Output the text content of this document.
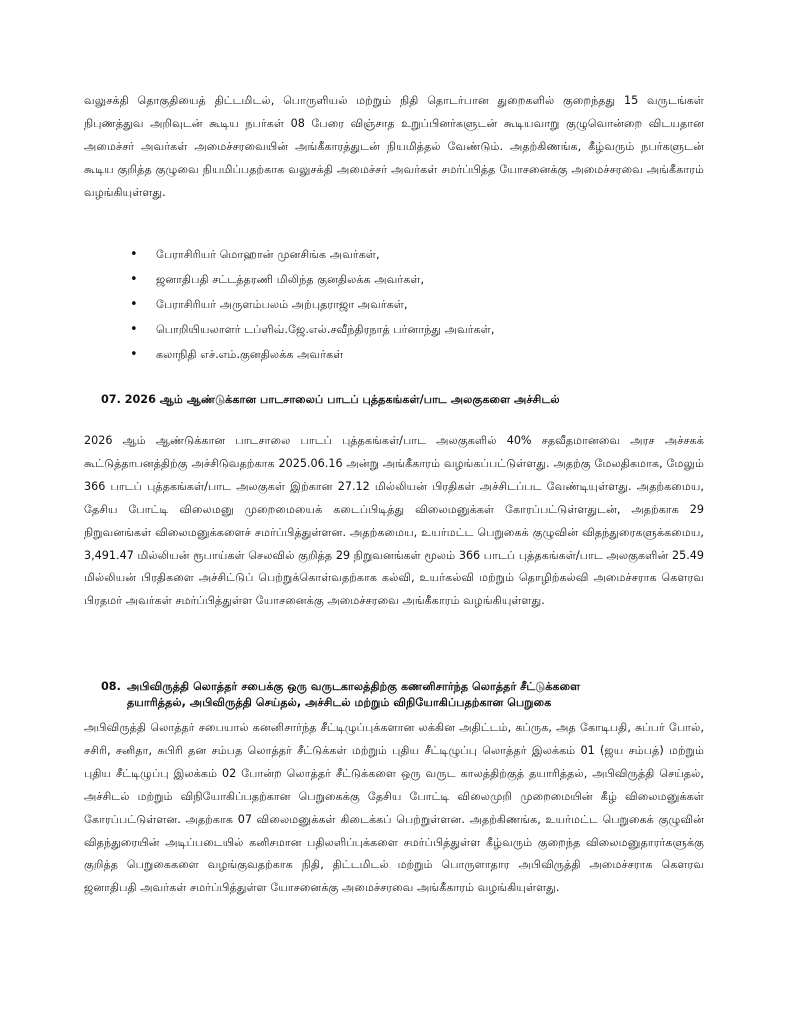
வலுசக்தி தொகுதியைத் திட்டமிடல், பொருளியல் மற்றும் நிதி தொடர்பான துறைகளில் குறைந்தது 15 வருடங்கள் நிபுணத்துவ அறிவுடன் கூடிய நபர்கள் 08 பேரை விஞ்சாத உறுப்பினர்களுடன் கூடியவாறு குழுவொன்றை விடயதான அமைச்சர் அவர்கள் அமைச்சரவையின் அங்கீகாரத்துடன் நியமித்தல் வேண்டும். அதற்கிணங்க, கீழ்வரும் நபர்களுடன் கூடிய குறித்த குழுவை நியமிப்பதற்காக வலுசக்தி அமைச்சர் அவர்கள் சமர்ப்பித்த யோசனைக்கு அமைச்சரவை அங்கீகாரம் வழங்கியுள்ளது.

• பேராசிரியர் மொஹான் முனசிங்க அவர்கள்,
• ஜனாதிபதி சட்டத்தரணி மிலிந்த குனதிலக்க அவர்கள்,
• பேராசிரியர் அருளம்பலம் அற்புதராஜா அவர்கள்,
• பொறியியலாளர் டப்ளிவ்.ஜே.எல்.சவீந்திரநாத் பர்னாந்து அவர்கள்,
• கலாநிதி எச்.எம்.குனதிலக்க அவர்கள்
07. 2026 ஆம் ஆண்டுக்கான பாடசாலைப் பாடப் புத்தகங்கள்/பாட அலகுகளை அச்சிடல்

2026 ஆம் ஆண்டுக்கான பாடசாலை பாடப் புத்தகங்கள்/பாட அலகுகளில் 40% சதவீதமானவை அரச அச்சகக் கூட்டுத்தாபனத்திற்கு அச்சிடுவதற்காக 2025.06.16 அன்று அங்கீகாரம் வழங்கப்பட்டுள்ளது. அதற்கு மேலதிகமாக, மேலும் 366 பாடப் புத்தகங்கள்/பாட அலகுகள் இற்கான 27.12 மில்லியன் பிரதிகள் அச்சிடப்பட வேண்டியுள்ளது. அதற்கமைய, தேசிய போட்டி விலைமனு முறைமையைக் கடைப்பிடித்து விலைமனுக்கள் கோரப்பட்டுள்ளதுடன், அதற்காக 29 நிறுவனங்கள் விலைமனுக்களைச் சமர்ப்பித்துள்ளன. அதற்கமைய, உயர்மட்ட பெறுகைக் குழுவின் விதந்துரைகளுக்கமைய, 3,491.47 மில்லியன் ரூபாய்கள் செலவில் குறித்த 29 நிறுவனங்கள் மூலம் 366 பாடப் புத்தகங்கள்/பாட அலகுகளின் 25.49 மில்லியன் பிரதிகளை அச்சிட்டுப் பெற்றுக்கொள்வதற்காக கல்வி, உயர்கல்வி மற்றும் தொழிற்கல்வி அமைச்சராக கௌரவ பிரதமர் அவர்கள் சமர்ப்பித்துள்ள யோசனைக்கு அமைச்சரவை அங்கீகாரம் வழங்கியுள்ளது.

08. அபிவிருத்தி லொத்தர் சபைக்கு ஒரு வருடகாலத்திற்கு கணனிசார்ந்த லொத்தர் சீட்டுக்களை
தயாரித்தல், அபிவிருத்தி செய்தல், அச்சிடல் மற்றும் விநியோகிப்பதற்கான பெறுகை

அபிவிருத்தி லொத்தர் சபையால் கனனிசார்ந்த சீட்டிழுப்புக்களான லக்கின அதிட்டம், கப்ருக, அத கோடிபதி, சுப்பர் போல், சசிரி, சனிதா, சுபிரி தன சம்பத லொத்தர் சீட்டுக்கள் மற்றும் புதிய சீட்டிழுப்பு லொத்தர் இலக்கம் 01 (ஜய சம்பத்) மற்றும் புதிய சீட்டிழுப்பு இலக்கம் 02 போன்ற லொத்தர் சீட்டுக்களை ஒரு வருட காலத்திற்குத் தயாரித்தல், அபிவிருத்தி செய்தல், அச்சிடல் மற்றும் விநியோகிப்பதற்கான பெறுகைக்கு தேசிய போட்டி விலைமுறி முறைமையின் கீழ் விலைமனுக்கள் கோரப்பட்டுள்ளன. அதற்காக 07 விலைமனுக்கள் கிடைக்கப் பெற்றுள்ளன. அதற்கிணங்க, உயர்மட்ட பெறுகைக் குழுவின் விதந்துரையின் அடிப்படையில் கனிசமான பதிலளிப்புக்களை சமர்ப்பித்துள்ள கீழ்வரும் குறைந்த விலைமனுதாரர்களுக்கு குறித்த பெறுகைகளை வழங்குவதற்காக நிதி, திட்டமிடல் மற்றும் பொருளாதார அபிவிருத்தி அமைச்சராக கௌரவ ஜனாதிபதி அவர்கள் சமர்ப்பித்துள்ள யோசனைக்கு அமைச்சரவை அங்கீகாரம் வழங்கியுள்ளது.
